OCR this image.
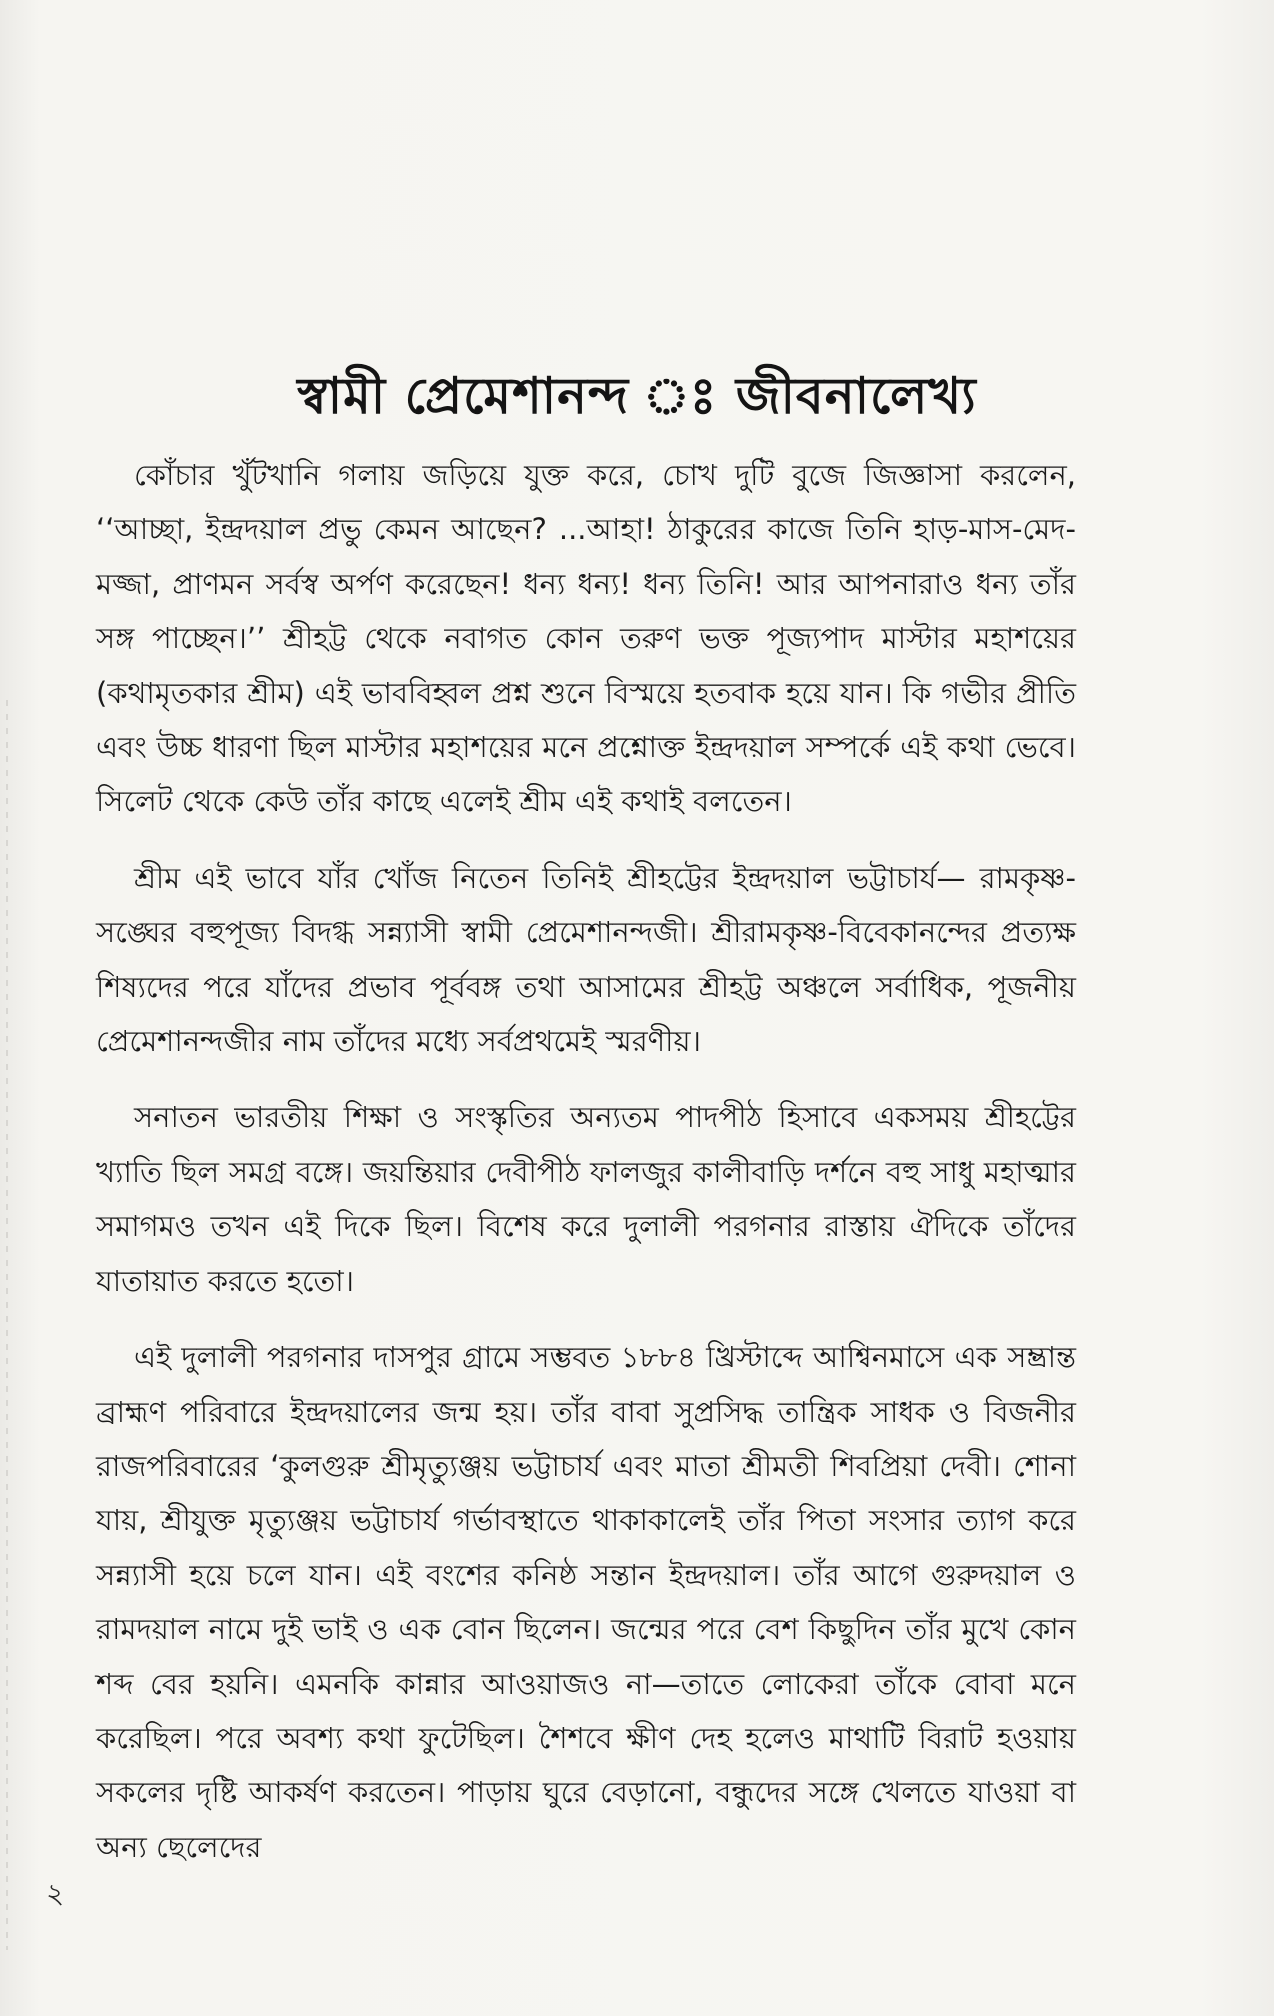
স্বামী প্রেমেশানন্দ ঃ জীবনালেখ্য

কোঁচার খুঁটখানি গলায় জড়িয়ে যুক্ত করে, চোখ দুটি বুজে জিজ্ঞাসা করলেন, ‘‘আচ্ছা, ইন্দ্রদয়াল প্রভু কেমন আছেন? ...আহা! ঠাকুরের কাজে তিনি হাড়-মাস-মেদ-মজ্জা, প্রাণমন সর্বস্ব অর্পণ করেছেন! ধন্য ধন্য! ধন্য তিনি! আর আপনারাও ধন্য তাঁর সঙ্গ পাচ্ছেন।’’ শ্রীহট্ট থেকে নবাগত কোন তরুণ ভক্ত পূজ্যপাদ মাস্টার মহাশয়ের (কথামৃতকার শ্রীম) এই ভাববিহ্বল প্রশ্ন শুনে বিস্ময়ে হতবাক হয়ে যান। কি গভীর প্রীতি এবং উচ্চ ধারণা ছিল মাস্টার মহাশয়ের মনে প্রশ্নোক্ত ইন্দ্রদয়াল সম্পর্কে এই কথা ভেবে। সিলেট থেকে কেউ তাঁর কাছে এলেই শ্রীম এই কথাই বলতেন।

শ্রীম এই ভাবে যাঁর খোঁজ নিতেন তিনিই শ্রীহট্টের ইন্দ্রদয়াল ভট্টাচার্য— রামকৃষ্ণ-সঙ্ঘের বহুপূজ্য বিদগ্ধ সন্ন্যাসী স্বামী প্রেমেশানন্দজী। শ্রীরামকৃষ্ণ-বিবেকানন্দের প্রত্যক্ষ শিষ্যদের পরে যাঁদের প্রভাব পূর্ববঙ্গ তথা আসামের শ্রীহট্ট অঞ্চলে সর্বাধিক, পূজনীয় প্রেমেশানন্দজীর নাম তাঁদের মধ্যে সর্বপ্রথমেই স্মরণীয়।

সনাতন ভারতীয় শিক্ষা ও সংস্কৃতির অন্যতম পাদপীঠ হিসাবে একসময় শ্রীহট্টের খ্যাতি ছিল সমগ্র বঙ্গে। জয়ন্তিয়ার দেবীপীঠ ফালজুর কালীবাড়ি দর্শনে বহু সাধু মহাত্মার সমাগমও তখন এই দিকে ছিল। বিশেষ করে দুলালী পরগনার রাস্তায় ঐদিকে তাঁদের যাতায়াত করতে হতো।

এই দুলালী পরগনার দাসপুর গ্রামে সম্ভবত ১৮৮৪ খ্রিস্টাব্দে আশ্বিনমাসে এক সম্ভ্রান্ত ব্রাহ্মণ পরিবারে ইন্দ্রদয়ালের জন্ম হয়। তাঁর বাবা সুপ্রসিদ্ধ তান্ত্রিক সাধক ও বিজনীর রাজপরিবারের ‘কুলগুরু শ্রীমৃত্যুঞ্জয় ভট্টাচার্য এবং মাতা শ্রীমতী শিবপ্রিয়া দেবী। শোনা যায়, শ্রীযুক্ত মৃত্যুঞ্জয় ভট্টাচার্য গর্ভাবস্থাতে থাকাকালেই তাঁর পিতা সংসার ত্যাগ করে সন্ন্যাসী হয়ে চলে যান। এই বংশের কনিষ্ঠ সন্তান ইন্দ্রদয়াল। তাঁর আগে গুরুদয়াল ও রামদয়াল নামে দুই ভাই ও এক বোন ছিলেন। জন্মের পরে বেশ কিছুদিন তাঁর মুখে কোন শব্দ বের হয়নি। এমনকি কান্নার আওয়াজও না—তাতে লোকেরা তাঁকে বোবা মনে করেছিল। পরে অবশ্য কথা ফুটেছিল। শৈশবে ক্ষীণ দেহ হলেও মাথাটি বিরাট হওয়ায় সকলের দৃষ্টি আকর্ষণ করতেন। পাড়ায় ঘুরে বেড়ানো, বন্ধুদের সঙ্গে খেলতে যাওয়া বা অন্য ছেলেদের

২
